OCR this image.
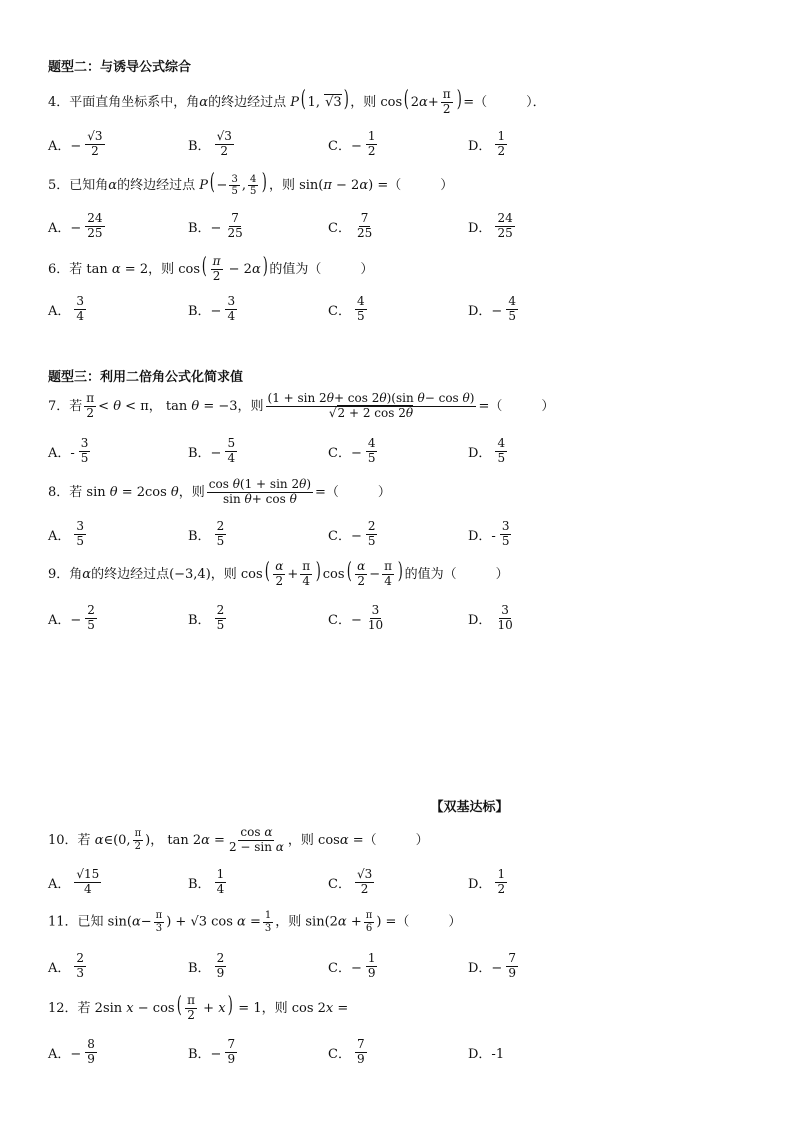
题型二：与诱导公式综合
4．平面直角坐标系中，角α的终边经过点 P( 1, √3) ，则 cos( $2\alpha+ \frac{\pi}{2}$ ) =（　　　）．
A．− $\frac{√3}{2}$	B． $\frac{√3}{2}$	C．− $\frac{1}{2}$	D． $\frac{1}{2}$
5．已知角α的终边经过点 $P( - \frac{3}{5}$ , $\frac{4}{5}$ ) ，则 sin(π − 2α) =（　　　）
A．− $\frac{24}{25}$	B．− $\frac{7}{25}$	C． $\frac{7}{25}$	D． $\frac{24}{25}$
6．若 tan α = 2，则 $\cos( \frac{\pi}{2} - 2\alpha)$ 的值为（　　　）
A． $\frac{3}{4}$	B．− $\frac{3}{4}$	C． $\frac{4}{5}$	D．− $\frac{4}{5}$
题型三：利用二倍角公式化简求值
7．若 $\frac{\pi}{2} < \theta < \pi$， tan θ = −3，则 $\frac{\text{(1 + sin 2θ+ cos 2θ)(sin θ− cos θ)}}{√2 + 2 \cos 2\theta}$ =（　　　）
A．- $\frac{3}{5}$	B．− $\frac{5}{4}$	C．− $\frac{4}{5}$	D． $\frac{4}{5}$
8．若 sin θ = 2cos θ，则 $\frac{\text{cos θ(1 + sin 2θ)}}{\text{sin θ+ cos θ}}$ =（　　　）
A． $\frac{3}{5}$	B． $\frac{2}{5}$	C．− $\frac{2}{5}$	D．- $\frac{3}{5}$
9．角α的终边经过点(−3,4)，则 $\cos( \frac{\alpha}{2} + \frac{\pi}{4}$ ) $\cos( \frac{\alpha}{2} - \frac{\pi}{4}$ ) 的值为（　　　）
A．− $\frac{2}{5}$	B． $\frac{2}{5}$	C．− $\frac{3}{10}$	D． $\frac{3}{10}$
【双基达标】
10．若 α∈(0, $\frac{\pi}{2}$ )， $\tan 2\alpha = \frac{\text{cos α}}{\text{2 − sin α}}$ ，则 cosα =（　　　）
A． $\frac{√15}{4}$	B． $\frac{1}{4}$	C． $\frac{√3}{2}$	D． $\frac{1}{2}$
11．已知 $\sin(\alpha- \frac{\pi}{3}$ ) + √3 $\cos \alpha = \frac{1}{3}$ ，则 $\sin(2\alpha + \frac{\pi}{6}$ ) =（　　　）
A． $\frac{2}{3}$	B． $\frac{2}{9}$	C．− $\frac{1}{9}$	D．− $\frac{7}{9}$
12．若 2sin $x - \cos( \frac{\pi}{2} + x) = 1$，则 cos 2x =
A．− $\frac{8}{9}$	B．− $\frac{7}{9}$	C． $\frac{7}{9}$	D．-1
